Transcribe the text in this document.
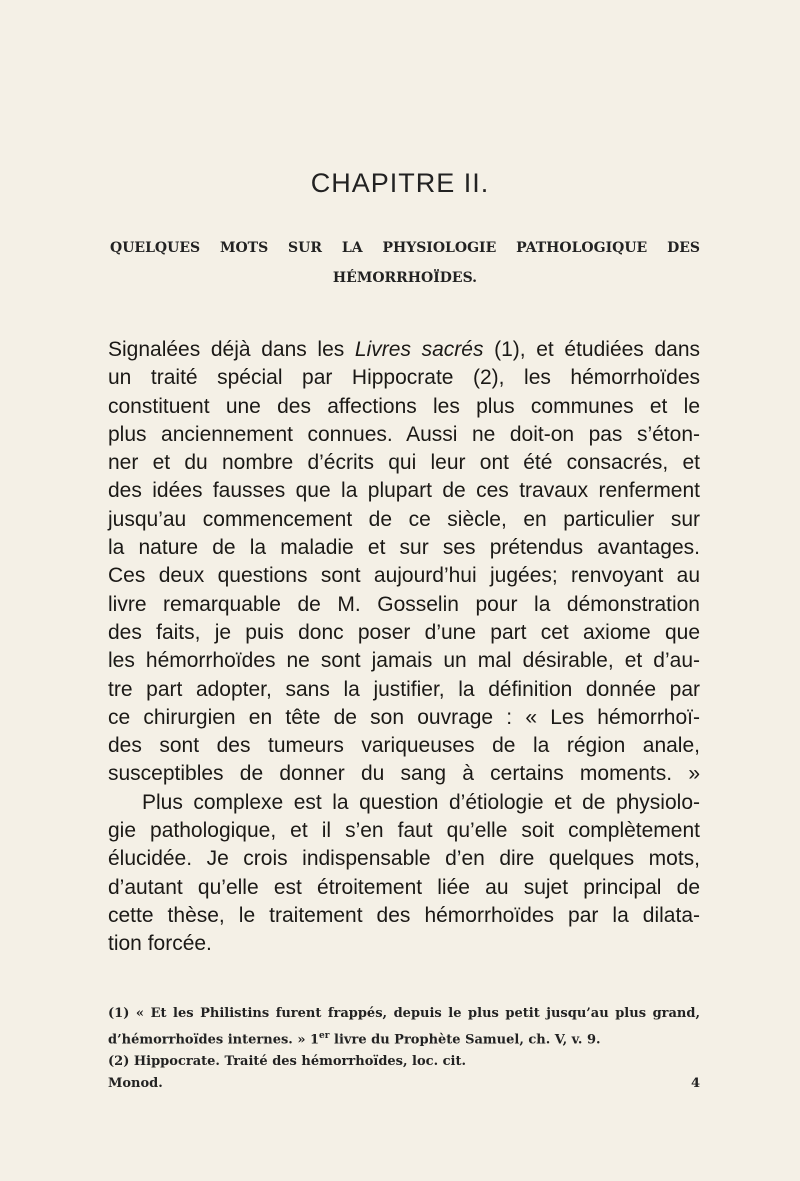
CHAPITRE II.
QUELQUES MOTS SUR LA PHYSIOLOGIE PATHOLOGIQUE DES
HÉMORRHOÏDES.
Signalées déjà dans les Livres sacrés (1), et étudiées dans
un traité spécial par Hippocrate (2), les hémorrhoïdes
constituent une des affections les plus communes et le
plus anciennement connues. Aussi ne doit-on pas s’éton-
ner et du nombre d’écrits qui leur ont été consacrés, et
des idées fausses que la plupart de ces travaux renferment
jusqu’au commencement de ce siècle, en particulier sur
la nature de la maladie et sur ses prétendus avantages.
Ces deux questions sont aujourd’hui jugées; renvoyant au
livre remarquable de M. Gosselin pour la démonstration
des faits, je puis donc poser d’une part cet axiome que
les hémorrhoïdes ne sont jamais un mal désirable, et d’au-
tre part adopter, sans la justifier, la définition donnée par
ce chirurgien en tête de son ouvrage : « Les hémorrhoï-
des sont des tumeurs variqueuses de la région anale,
susceptibles de donner du sang à certains moments. »
Plus complexe est la question d’étiologie et de physiolo-
gie pathologique, et il s’en faut qu’elle soit complètement
élucidée. Je crois indispensable d’en dire quelques mots,
d’autant qu’elle est étroitement liée au sujet principal de
cette thèse, le traitement des hémorrhoïdes par la dilata-
tion forcée.
(1) « Et les Philistins furent frappés, depuis le plus petit jusqu’au plus grand,
d’hémorrhoïdes internes. » 1er livre du Prophète Samuel, ch. V, v. 9.
(2) Hippocrate. Traité des hémorrhoïdes, loc. cit.
Monod.	4
